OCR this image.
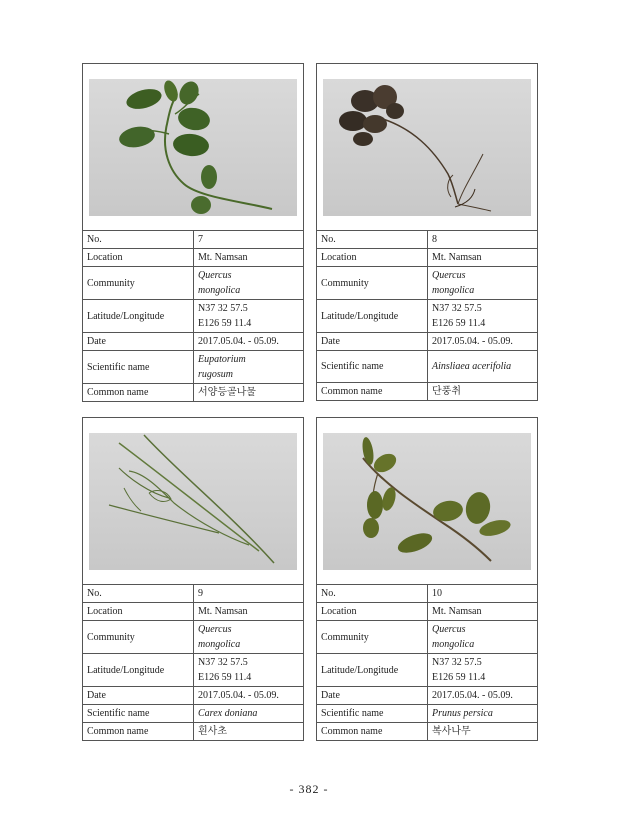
No.	7
Location	Mt. Namsan
Community	Quercus
mongolica

Latitude/Longitude	N37 32 57.5
E126 59 11.4

Date	2017.05.04. - 05.09.
Scientific name	Eupatorium
rugosum

Common name	서양등골나물
No.	8
Location	Mt. Namsan
Community	Quercus
mongolica

Latitude/Longitude	N37 32 57.5
E126 59 11.4

Date	2017.05.04. - 05.09.
Scientific name	Ainsliaea acerifolia
Common name	단풍취
No.	9
Location	Mt. Namsan
Community	Quercus
mongolica

Latitude/Longitude	N37 32 57.5
E126 59 11.4

Date	2017.05.04. - 05.09.
Scientific name	Carex doniana
Common name	흰사초
No.	10
Location	Mt. Namsan
Community	Quercus
mongolica

Latitude/Longitude	N37 32 57.5
E126 59 11.4

Date	2017.05.04. - 05.09.
Scientific name	Prunus persica
Common name	복사나무
- 382 -
